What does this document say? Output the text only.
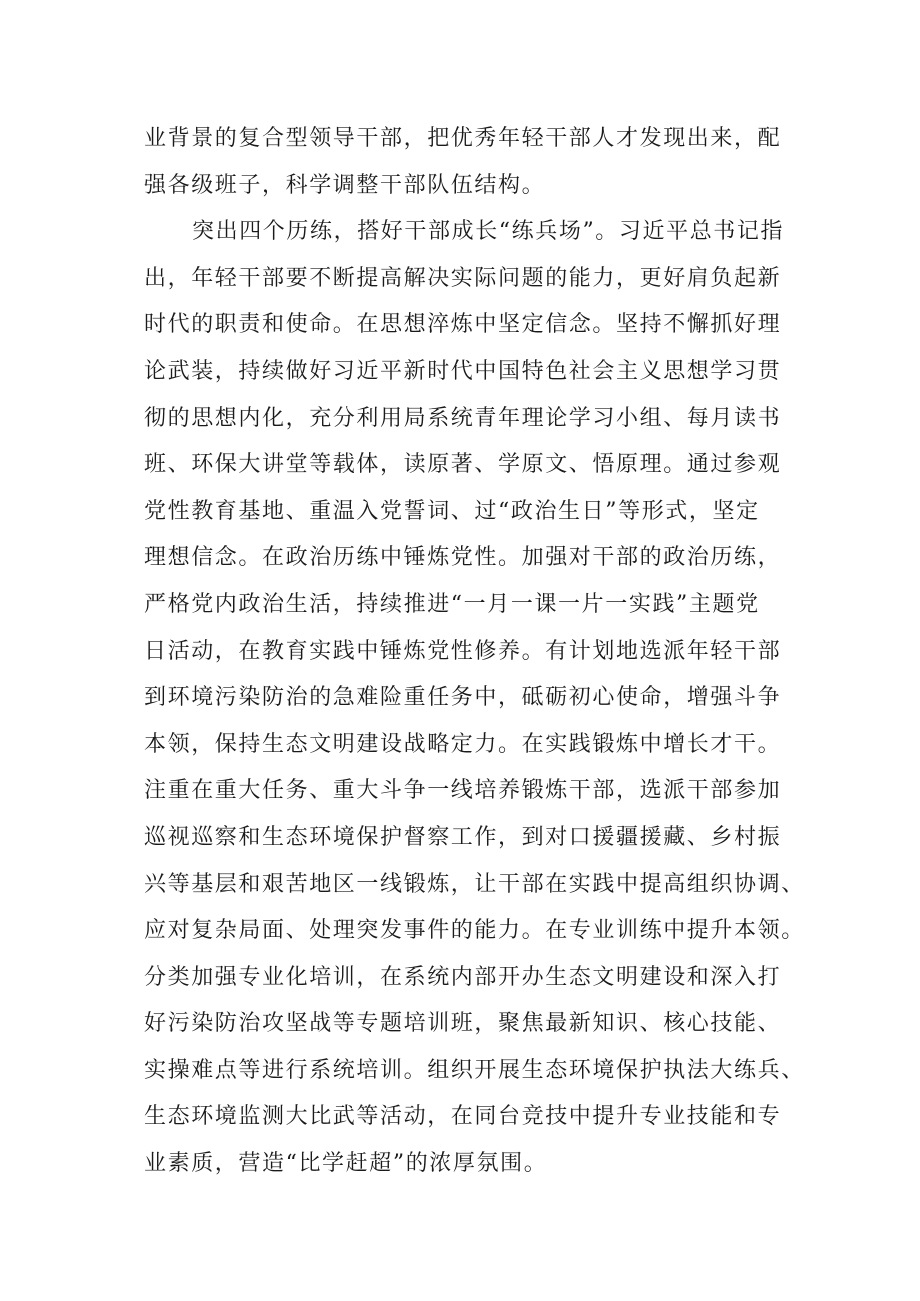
业背景的复合型领导干部，把优秀年轻干部人才发现出来，配

强各级班子，科学调整干部队伍结构。

突出四个历练，搭好干部成长“练兵场”。习近平总书记指

出，年轻干部要不断提高解决实际问题的能力，更好肩负起新

时代的职责和使命。在思想淬炼中坚定信念。坚持不懈抓好理

论武装，持续做好习近平新时代中国特色社会主义思想学习贯

彻的思想内化，充分利用局系统青年理论学习小组、每月读书

班、环保大讲堂等载体，读原著、学原文、悟原理。通过参观

党性教育基地、重温入党誓词、过“政治生日”等形式，坚定

理想信念。在政治历练中锤炼党性。加强对干部的政治历练，

严格党内政治生活，持续推进“一月一课一片一实践”主题党

日活动，在教育实践中锤炼党性修养。有计划地选派年轻干部

到环境污染防治的急难险重任务中，砥砺初心使命，增强斗争

本领，保持生态文明建设战略定力。在实践锻炼中增长才干。

注重在重大任务、重大斗争一线培养锻炼干部，选派干部参加

巡视巡察和生态环境保护督察工作，到对口援疆援藏、乡村振

兴等基层和艰苦地区一线锻炼，让干部在实践中提高组织协调、

应对复杂局面、处理突发事件的能力。在专业训练中提升本领。

分类加强专业化培训，在系统内部开办生态文明建设和深入打

好污染防治攻坚战等专题培训班，聚焦最新知识、核心技能、

实操难点等进行系统培训。组织开展生态环境保护执法大练兵、

生态环境监测大比武等活动，在同台竞技中提升专业技能和专

业素质，营造“比学赶超”的浓厚氛围。
